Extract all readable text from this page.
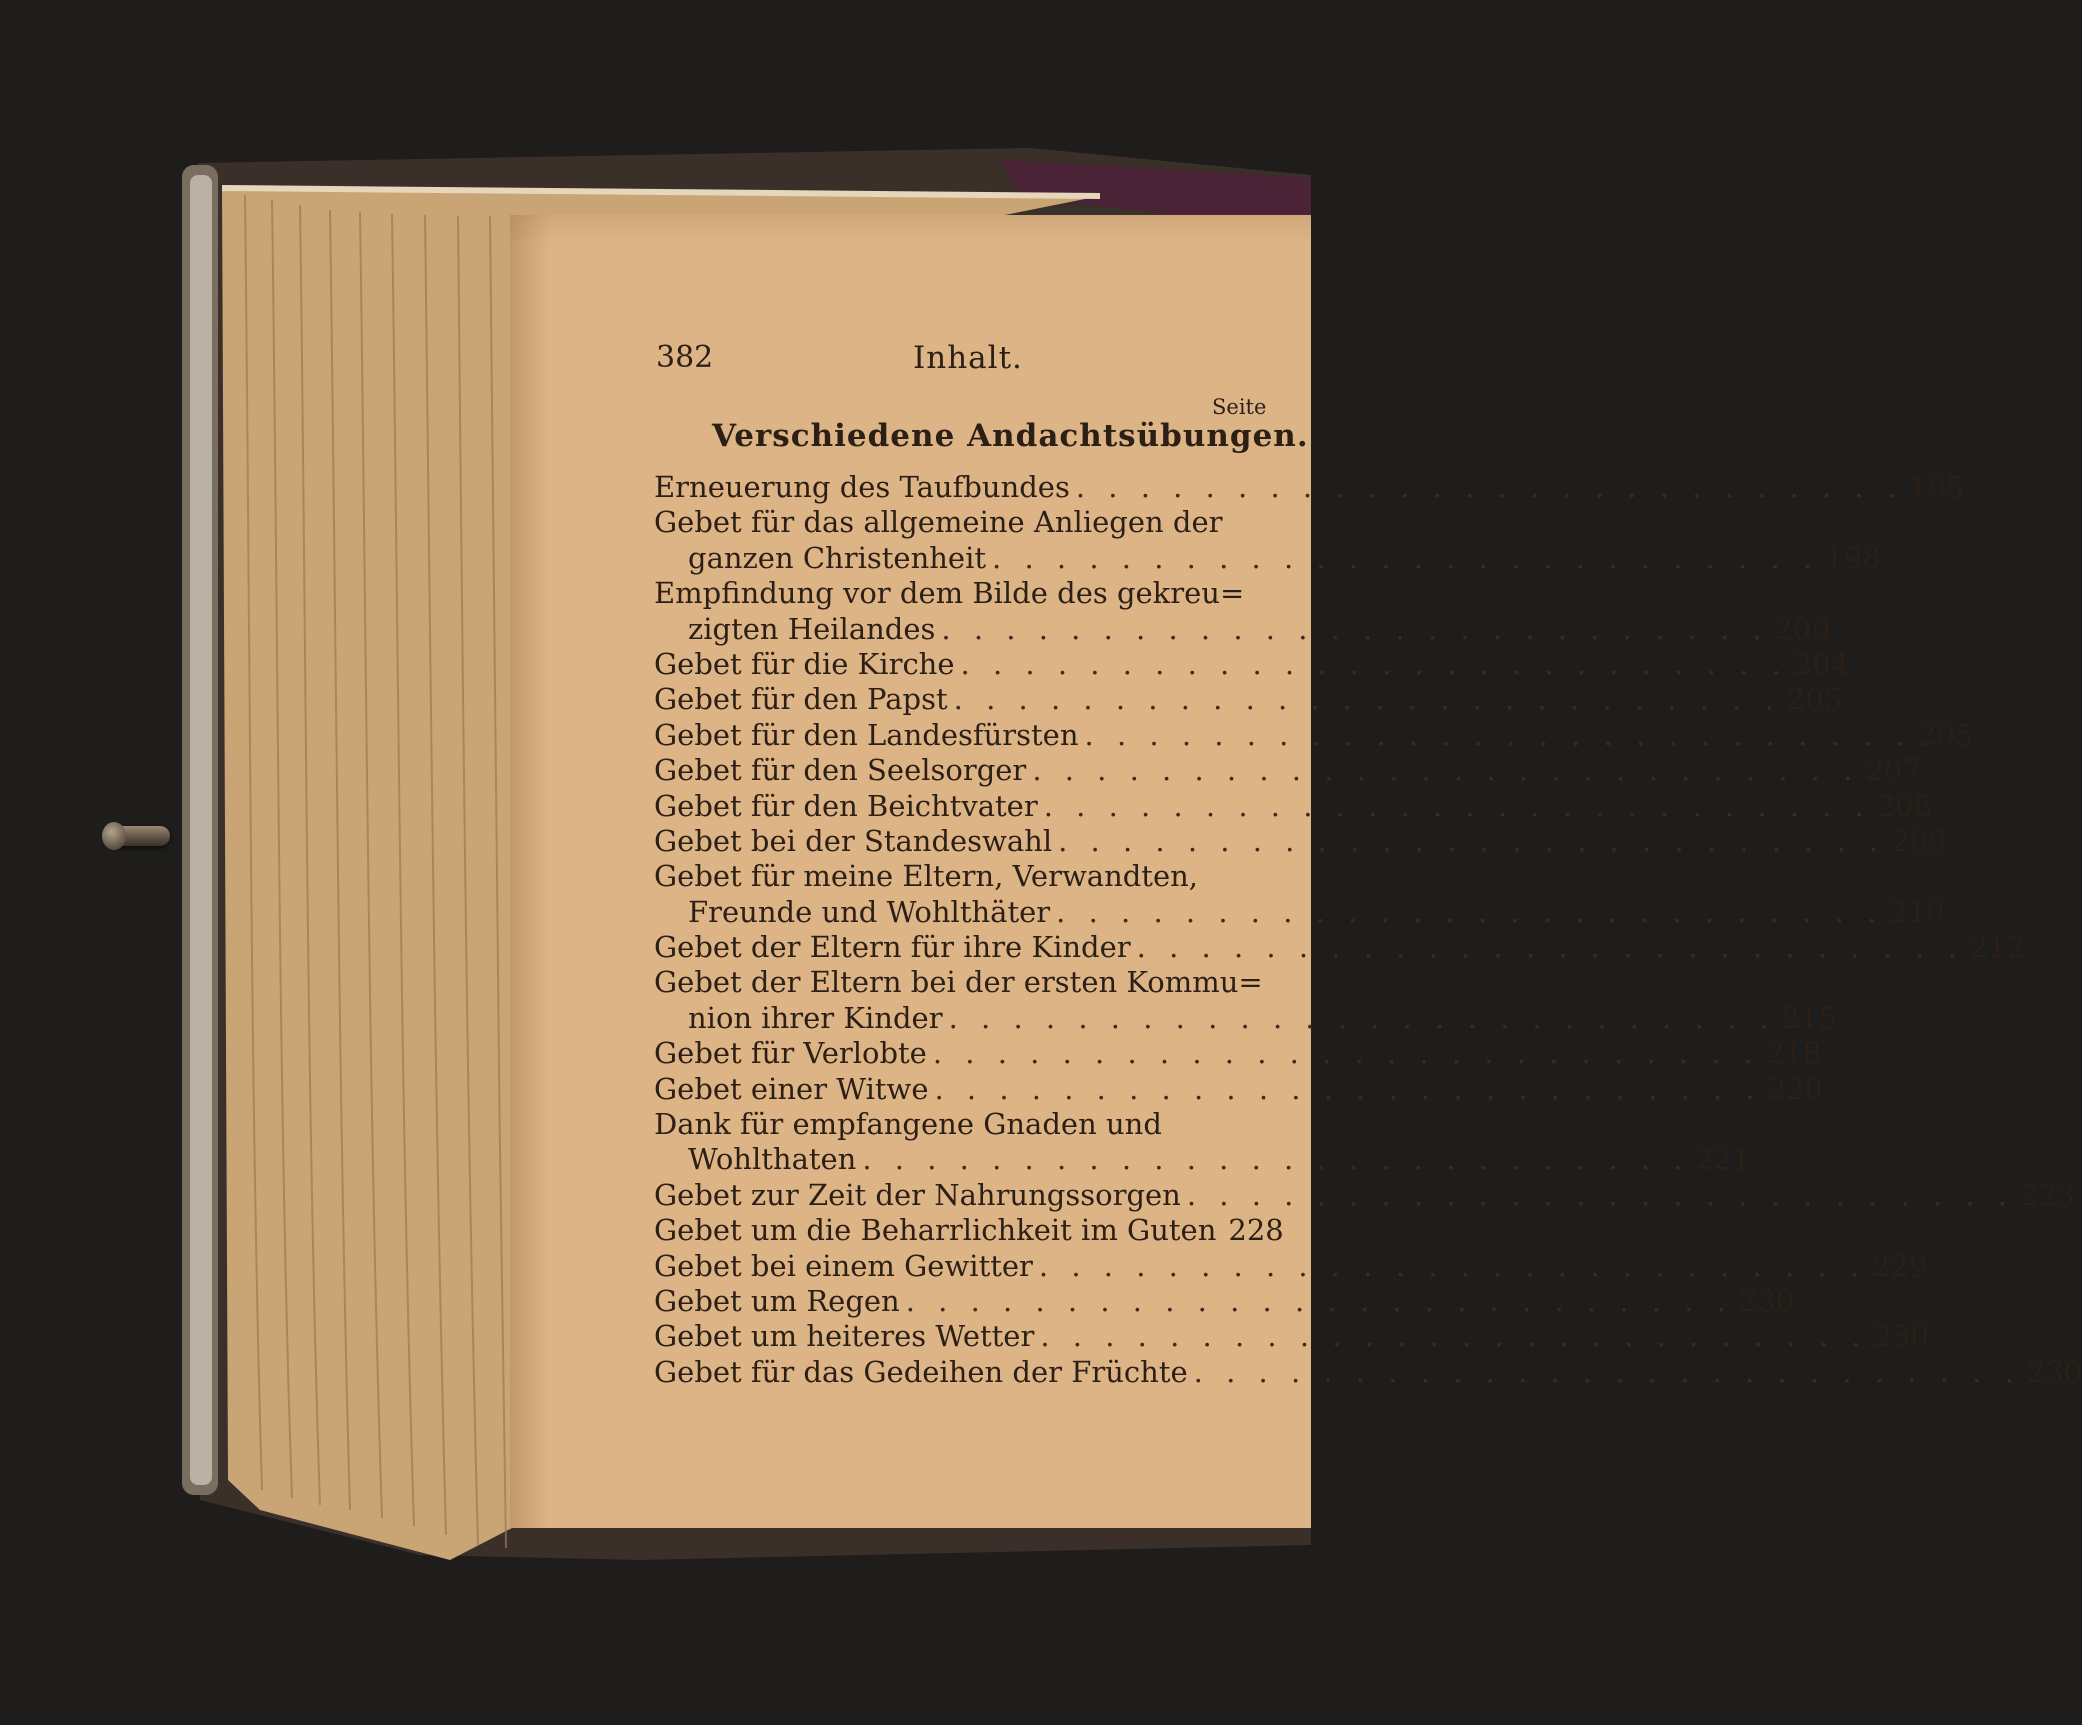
382	Inhalt.
Seite
Verschiedene Andachtsübungen.
Erneuerung des Taufbundes . . . . . . . . . . . . . . . . . . . . . . . . . . 195
Gebet für das allgemeine Anliegen der
ganzen Christenheit . . . . . . . . . . . . . . . . . . . . . . . . . . 198
Empfindung vor dem Bilde des gekreu=
zigten Heilandes . . . . . . . . . . . . . . . . . . . . . . . . . . 200
Gebet für die Kirche . . . . . . . . . . . . . . . . . . . . . . . . . . 204
Gebet für den Papst . . . . . . . . . . . . . . . . . . . . . . . . . . 205
Gebet für den Landesfürsten . . . . . . . . . . . . . . . . . . . . . . . . . . 205
Gebet für den Seelsorger . . . . . . . . . . . . . . . . . . . . . . . . . . 207
Gebet für den Beichtvater . . . . . . . . . . . . . . . . . . . . . . . . . . 208
Gebet bei der Standeswahl . . . . . . . . . . . . . . . . . . . . . . . . . . 209
Gebet für meine Eltern, Verwandten,
Freunde und Wohlthäter . . . . . . . . . . . . . . . . . . . . . . . . . . 210
Gebet der Eltern für ihre Kinder . . . . . . . . . . . . . . . . . . . . . . . . . . 212
Gebet der Eltern bei der ersten Kommu=
nion ihrer Kinder . . . . . . . . . . . . . . . . . . . . . . . . . . 215
Gebet für Verlobte . . . . . . . . . . . . . . . . . . . . . . . . . . 218
Gebet einer Witwe . . . . . . . . . . . . . . . . . . . . . . . . . . 220
Dank für empfangene Gnaden und
Wohlthaten . . . . . . . . . . . . . . . . . . . . . . . . . . 221
Gebet zur Zeit der Nahrungssorgen . . . . . . . . . . . . . . . . . . . . . . . . . . 223
Gebet um die Beharrlichkeit im Guten 228
Gebet bei einem Gewitter . . . . . . . . . . . . . . . . . . . . . . . . . . 229
Gebet um Regen . . . . . . . . . . . . . . . . . . . . . . . . . . 230
Gebet um heiteres Wetter . . . . . . . . . . . . . . . . . . . . . . . . . . 230
Gebet für das Gedeihen der Früchte . . . . . . . . . . . . . . . . . . . . . . . . . . 230
